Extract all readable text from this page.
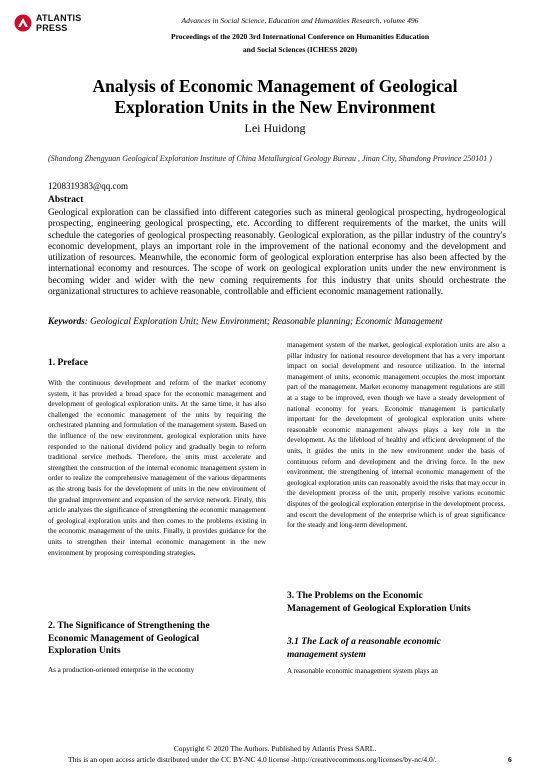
ATLANTIS
PRESS
Advances in Social Science, Education and Humanities Research, volume 496
Proceedings of the 2020 3rd International Conference on Humanities Education
and Social Sciences (ICHESS 2020)
Analysis of Economic Management of Geological
Exploration Units in the New Environment
Lei Huidong
(Shandong Zhengyuan Geological Exploration Institute of China Metallurgical Geology Bureau , Jinan City, Shandong Province 250101 )
1208319383@qq.com
Abstract
Geological exploration can be classified into different categories such as mineral geological prospecting, hydrogeological prospecting, engineering geological prospecting, etc. According to different requirements of the market, the units will schedule the categories of geological prospecting reasonably. Geological exploration, as the pillar industry of the country's economic development, plays an important role in the improvement of the national economy and the development and utilization of resources. Meanwhile, the economic form of geological exploration enterprise has also been affected by the international economy and resources. The scope of work on geological exploration units under the new environment is becoming wider and wider with the new coming requirements for this industry that units should orchestrate the organizational structures to achieve reasonable, controllable and efficient economic management rationally.
Keywords: Geological Exploration Unit; New Environment; Reasonable planning; Economic Management
1. Preface
With the continuous development and reform of the market economy system, it has provided a broad space for the economic management and development of geological exploration units. At the same time, it has also challenged the economic management of the units by requiring the orchestrated planning and formulation of the management system. Based on the influence of the new environment, geological exploration units have responded to the national dividend policy and gradually begin to reform traditional service methods. Therefore, the units must accelerate and strengthen the construction of the internal economic management system in order to realize the comprehensive management of the various departments as the strong basis for the development of units in the new environment of the gradual improvement and expansion of the service network. Firstly, this article analyzes the significance of strengthening the economic management of geological exploration units and then comes to the problems existing in the economic management of the units. Finally, it provides guidance for the units to strengthen their internal economic management in the new environment by proposing corresponding strategies.
2. The Significance of Strengthening the
Economic Management of Geological
Exploration Units
As a production-oriented enterprise in the economy
management system of the market, geological exploration units are also a pillar industry for national resource development that has a very important impact on social development and resource utilization. In the internal management of units, economic management occupies the most important part of the management. Market economy management regulations are still at a stage to be improved, even though we have a steady development of national economy for years. Economic management is particularly important for the development of geological exploration units where reasonable economic management always plays a key role in the development. As the lifeblood of healthy and efficient development of the units, it guides the units in the new environment under the basis of continuous reform and development and the driving force. In the new environment, the strengthening of internal economic management of the geological exploration units can reasonably avoid the risks that may occur in the development process of the unit, properly resolve various economic disputes of the geological exploration enterprise in the development process, and escort the development of the enterprise which is of great significance for the steady and long-term development.
3. The Problems on the Economic
Management of Geological Exploration Units
3.1 The Lack of a reasonable economic
management system
A reasonable economic management system plays an
Copyright © 2020 The Authors. Published by Atlantis Press SARL.
This is an open access article distributed under the CC BY-NC 4.0 license -http://creativecommons.org/licenses/by-nc/4.0/.	6
